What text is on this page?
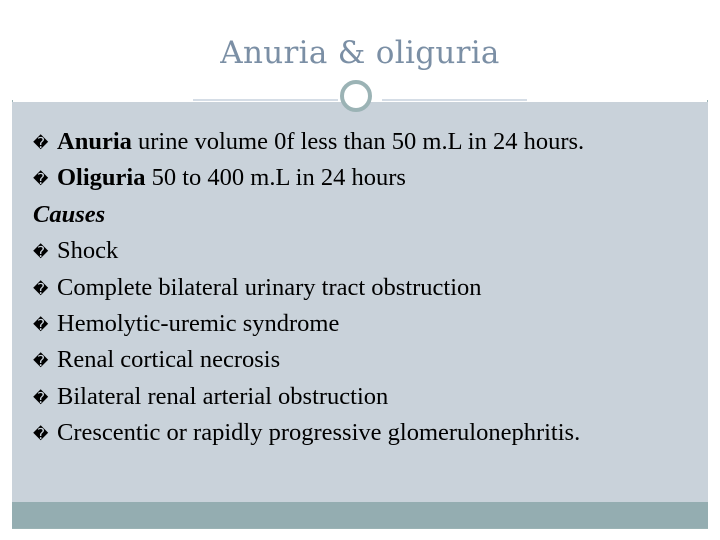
Anuria & oliguria
� Anuria urine volume 0f less than 50 m.L in 24 hours.
� Oliguria 50 to 400 m.L in 24 hours
Causes
� Shock
� Complete bilateral urinary tract obstruction
� Hemolytic-uremic syndrome
� Renal cortical necrosis
� Bilateral renal arterial obstruction
� Crescentic or rapidly progressive glomerulonephritis.
